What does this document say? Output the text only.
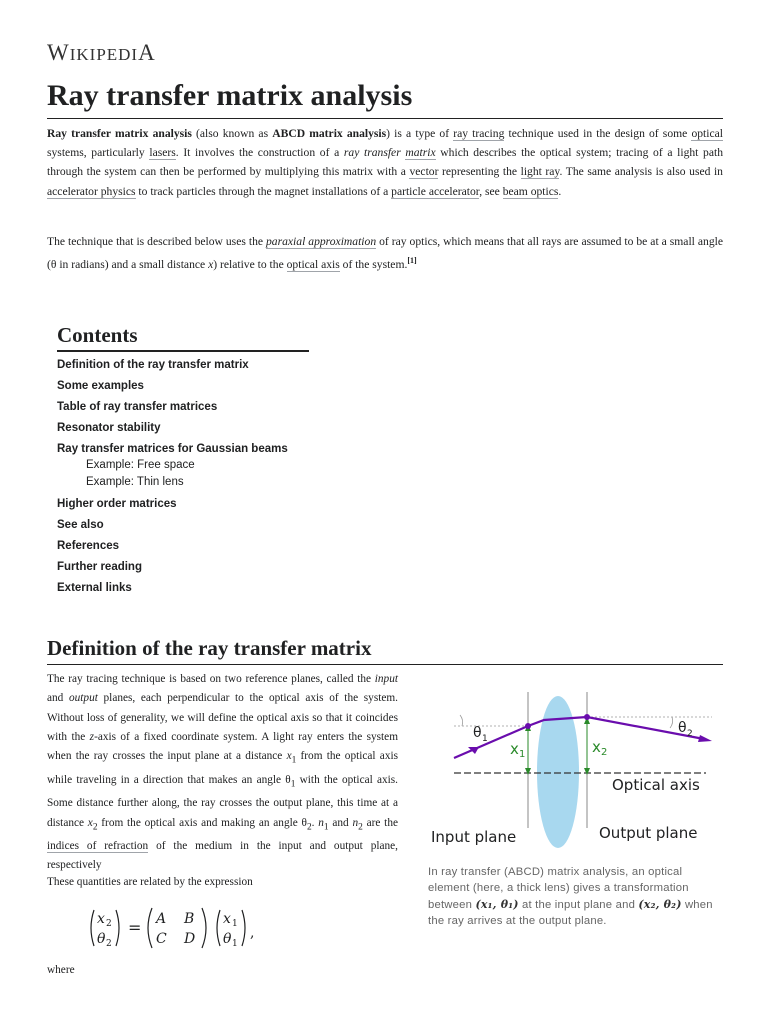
WIKIPEDIA
Ray transfer matrix analysis

Ray transfer matrix analysis (also known as ABCD matrix analysis) is a type of ray tracing technique used in the design of some optical systems, particularly lasers. It involves the construction of a ray transfer matrix which describes the optical system; tracing of a light path through the system can then be performed by multiplying this matrix with a vector representing the light ray. The same analysis is also used in accelerator physics to track particles through the magnet installations of a particle accelerator, see beam optics.

The technique that is described below uses the paraxial approximation of ray optics, which means that all rays are assumed to be at a small angle (θ in radians) and a small distance x) relative to the optical axis of the system.[1]

Contents
Definition of the ray transfer matrix
Some examples
Table of ray transfer matrices
Resonator stability
Ray transfer matrices for Gaussian beams
Example: Free space
Example: Thin lens
Higher order matrices
See also
References
Further reading
External links
Definition of the ray transfer matrix

The ray tracing technique is based on two reference planes, called the input and output planes, each perpendicular to the optical axis of the system. Without loss of generality, we will define the optical axis so that it coincides with the z-axis of a fixed coordinate system. A light ray enters the system when the ray crosses the input plane at a distance $x_1$ from the optical axis while traveling in a direction that makes an angle $\theta_1$ with the optical axis. Some distance further along, the ray crosses the output plane, this time at a distance $x_2$ from the optical axis and making an angle $\theta_2$. $n_1$ and $n_2$ are the indices of refraction of the medium in the input and output plane, respectively

These quantities are related by the expression

x 2
θ 2
= A B
C D
x 1
θ 1
,

where

θ 1
θ 2
x 1	x 2
Optical axis
Input plane	Output plane

In ray transfer (ABCD) matrix analysis, an optical element (here, a thick lens) gives a transformation between (x₁, θ₁) at the input plane and (x₂, θ₂) when the ray arrives at the output plane.
